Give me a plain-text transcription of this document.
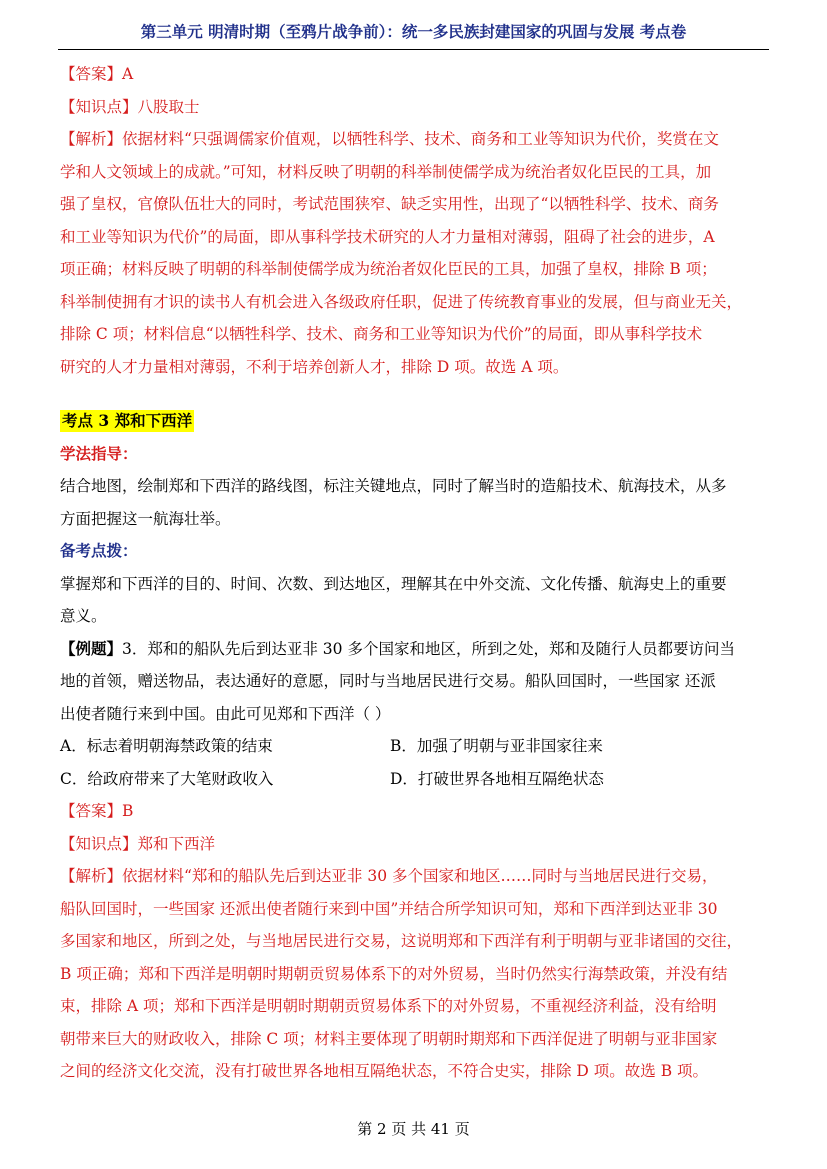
第三单元 明清时期（至鸦片战争前）：统一多民族封建国家的巩固与发展 考点卷

【答案】A

【知识点】八股取士

【解析】依据材料“只强调儒家价值观，以牺牲科学、技术、商务和工业等知识为代价，奖赏在文

学和人文领域上的成就。”可知，材料反映了明朝的科举制使儒学成为统治者奴化臣民的工具，加

强了皇权，官僚队伍壮大的同时，考试范围狭窄、缺乏实用性，出现了“以牺牲科学、技术、商务

和工业等知识为代价”的局面，即从事科学技术研究的人才力量相对薄弱，阻碍了社会的进步，A

项正确；材料反映了明朝的科举制使儒学成为统治者奴化臣民的工具，加强了皇权，排除 B 项；

科举制使拥有才识的读书人有机会进入各级政府任职，促进了传统教育事业的发展，但与商业无关，

排除 C 项；材料信息“以牺牲科学、技术、商务和工业等知识为代价”的局面，即从事科学技术

研究的人才力量相对薄弱，不利于培养创新人才，排除 D 项。故选 A 项。

考点 3 郑和下西洋

学法指导：

结合地图，绘制郑和下西洋的路线图，标注关键地点，同时了解当时的造船技术、航海技术，从多

方面把握这一航海壮举。

备考点拨：

掌握郑和下西洋的目的、时间、次数、到达地区，理解其在中外交流、文化传播、航海史上的重要

意义。

【例题】3．郑和的船队先后到达亚非 30 多个国家和地区，所到之处，郑和及随行人员都要访问当

地的首领，赠送物品，表达通好的意愿，同时与当地居民进行交易。船队回国时，一些国家 还派

出使者随行来到中国。由此可见郑和下西洋（ ）

A．标志着明朝海禁政策的结束	B．加强了明朝与亚非国家往来
C．给政府带来了大笔财政收入	D．打破世界各地相互隔绝状态

【答案】B

【知识点】郑和下西洋

【解析】依据材料“郑和的船队先后到达亚非 30 多个国家和地区……同时与当地居民进行交易，

船队回国时，一些国家 还派出使者随行来到中国”并结合所学知识可知，郑和下西洋到达亚非 30

多国家和地区，所到之处，与当地居民进行交易，这说明郑和下西洋有利于明朝与亚非诸国的交往，

B 项正确；郑和下西洋是明朝时期朝贡贸易体系下的对外贸易，当时仍然实行海禁政策，并没有结

束，排除 A 项；郑和下西洋是明朝时期朝贡贸易体系下的对外贸易，不重视经济利益，没有给明

朝带来巨大的财政收入，排除 C 项；材料主要体现了明朝时期郑和下西洋促进了明朝与亚非国家

之间的经济文化交流，没有打破世界各地相互隔绝状态，不符合史实，排除 D 项。故选 B 项。

第 2 页 共 41 页
